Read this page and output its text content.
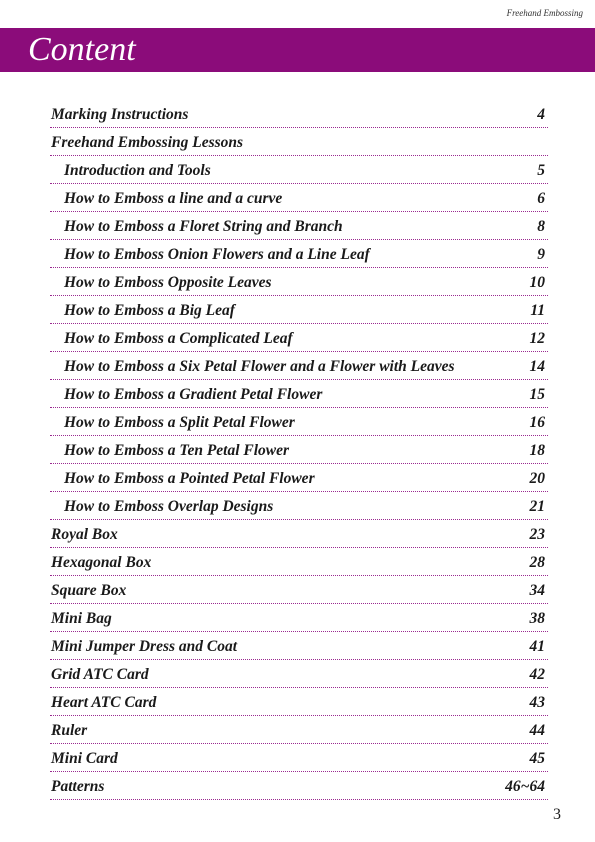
Freehand Embossing
Content
Marking Instructions	4
Freehand Embossing Lessons
Introduction and Tools	5
How to Emboss a line and a curve	6
How to Emboss a Floret String and Branch	8
How to Emboss Onion Flowers and a Line Leaf	9
How to Emboss Opposite Leaves	10
How to Emboss a Big Leaf	11
How to Emboss a Complicated Leaf	12
How to Emboss a Six Petal Flower and a Flower with Leaves	14
How to Emboss a Gradient Petal Flower	15
How to Emboss a Split Petal Flower	16
How to Emboss a Ten Petal Flower	18
How to Emboss a Pointed Petal Flower	20
How to Emboss Overlap Designs	21
Royal Box	23
Hexagonal Box	28
Square Box	34
Mini Bag	38
Mini Jumper Dress and Coat	41
Grid ATC Card	42
Heart ATC Card	43
Ruler	44
Mini Card	45
Patterns	46~64
3
